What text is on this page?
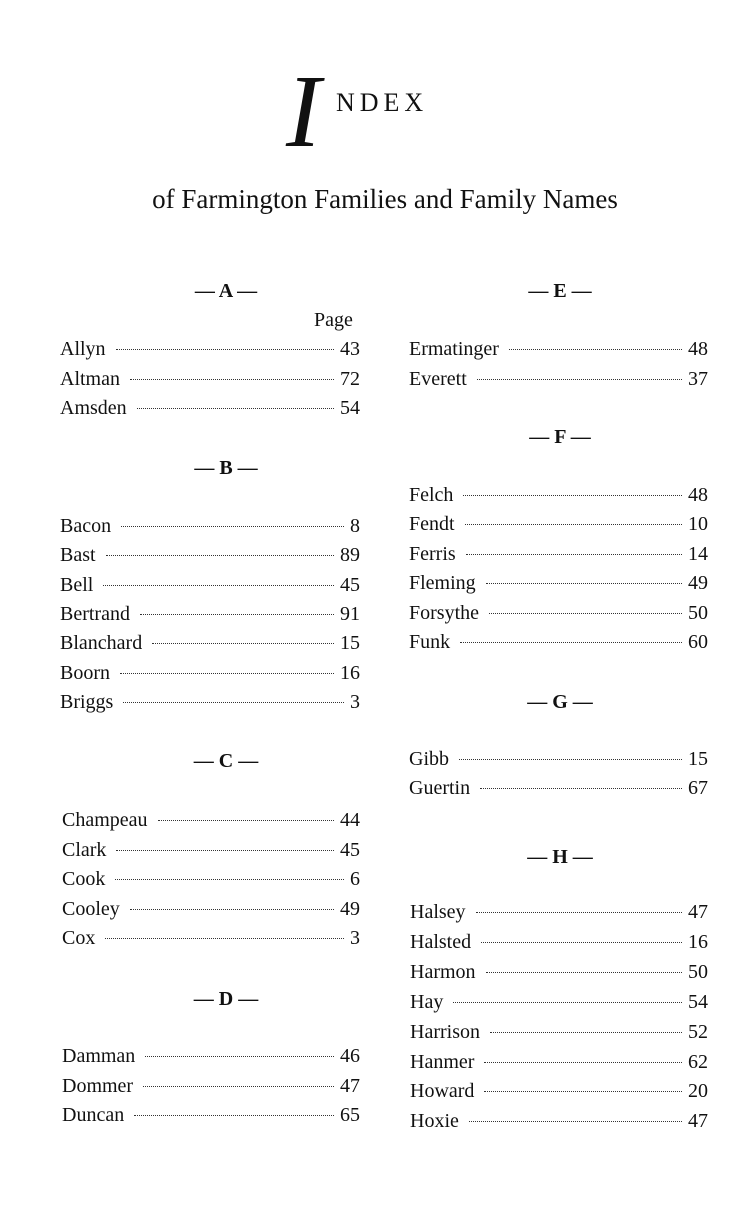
I NDEX
of Farmington Families and Family Names
— A —
Page
— B —
— C —
— D —
— E —
— F —
— G —
— H —
Allyn	43
Altman	72
Amsden	54
Bacon	8
Bast	89
Bell	45
Bertrand	91
Blanchard	15
Boorn	16
Briggs	3
Champeau	44
Clark	45
Cook	6
Cooley	49
Cox	3
Damman	46
Dommer	47
Duncan	65
Ermatinger	48
Everett	37
Felch	48
Fendt	10
Ferris	14
Fleming	49
Forsythe	50
Funk	60
Gibb	15
Guertin	67
Halsey	47
Halsted	16
Harmon	50
Hay	54
Harrison	52
Hanmer	62
Howard	20
Hoxie	47
